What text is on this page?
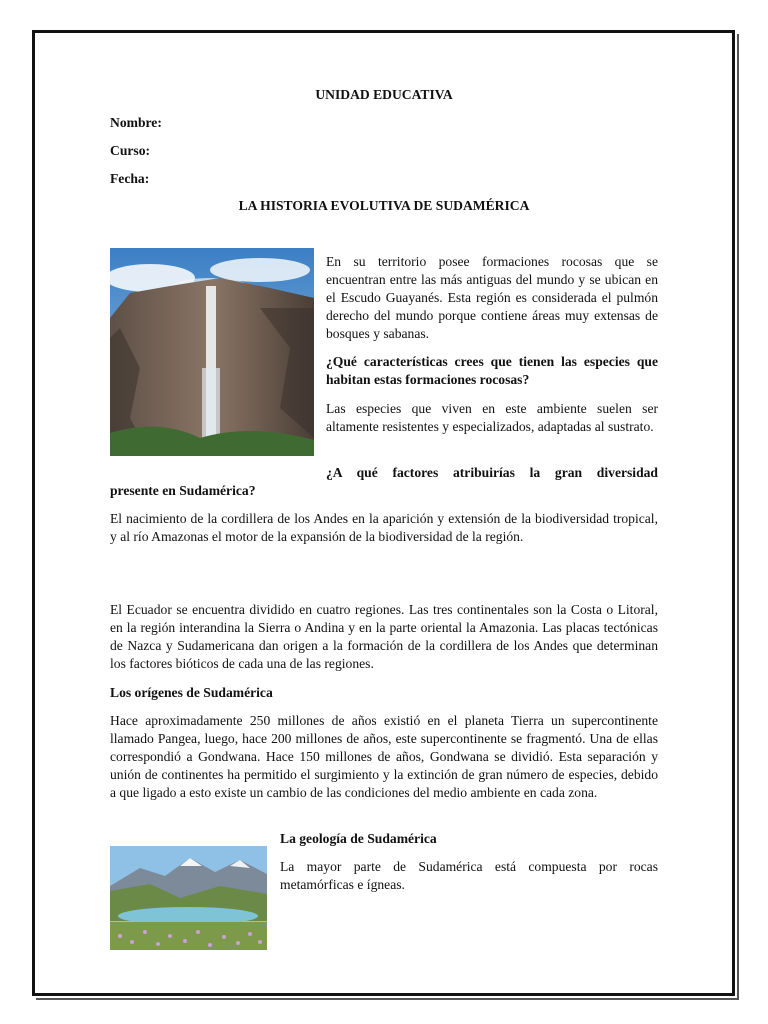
UNIDAD EDUCATIVA
Nombre:
Curso:
Fecha:
LA HISTORIA EVOLUTIVA DE SUDAMÉRICA
En su territorio posee formaciones rocosas que se encuentran entre las más antiguas del mundo y se ubican en el Escudo Guayanés. Esta región es considerada el pulmón derecho del mundo porque contiene áreas muy extensas de bosques y sabanas.
¿Qué características crees que tienen las especies que habitan estas formaciones rocosas?
Las especies que viven en este ambiente suelen ser altamente resistentes y especializados, adaptadas al sustrato.
¿A qué factores atribuirías la gran diversidad
presente en Sudamérica?
El nacimiento de la cordillera de los Andes en la aparición y extensión de la biodiversidad tropical, y al río Amazonas el motor de la expansión de la biodiversidad de la región.
El Ecuador se encuentra dividido en cuatro regiones. Las tres continentales son la Costa o Litoral, en la región interandina la Sierra o Andina y en la parte oriental la Amazonia. Las placas tectónicas de Nazca y Sudamericana dan origen a la formación de la cordillera de los Andes que determinan los factores bióticos de cada una de las regiones.
Los orígenes de Sudamérica
Hace aproximadamente 250 millones de años existió en el planeta Tierra un supercontinente llamado Pangea, luego, hace 200 millones de años, este supercontinente se fragmentó. Una de ellas correspondió a Gondwana. Hace 150 millones de años, Gondwana se dividió. Esta separación y unión de continentes ha permitido el surgimiento y la extinción de gran número de especies, debido a que ligado a esto existe un cambio de las condiciones del medio ambiente en cada zona.
La geología de Sudamérica
La mayor parte de Sudamérica está compuesta por rocas metamórficas e ígneas.
